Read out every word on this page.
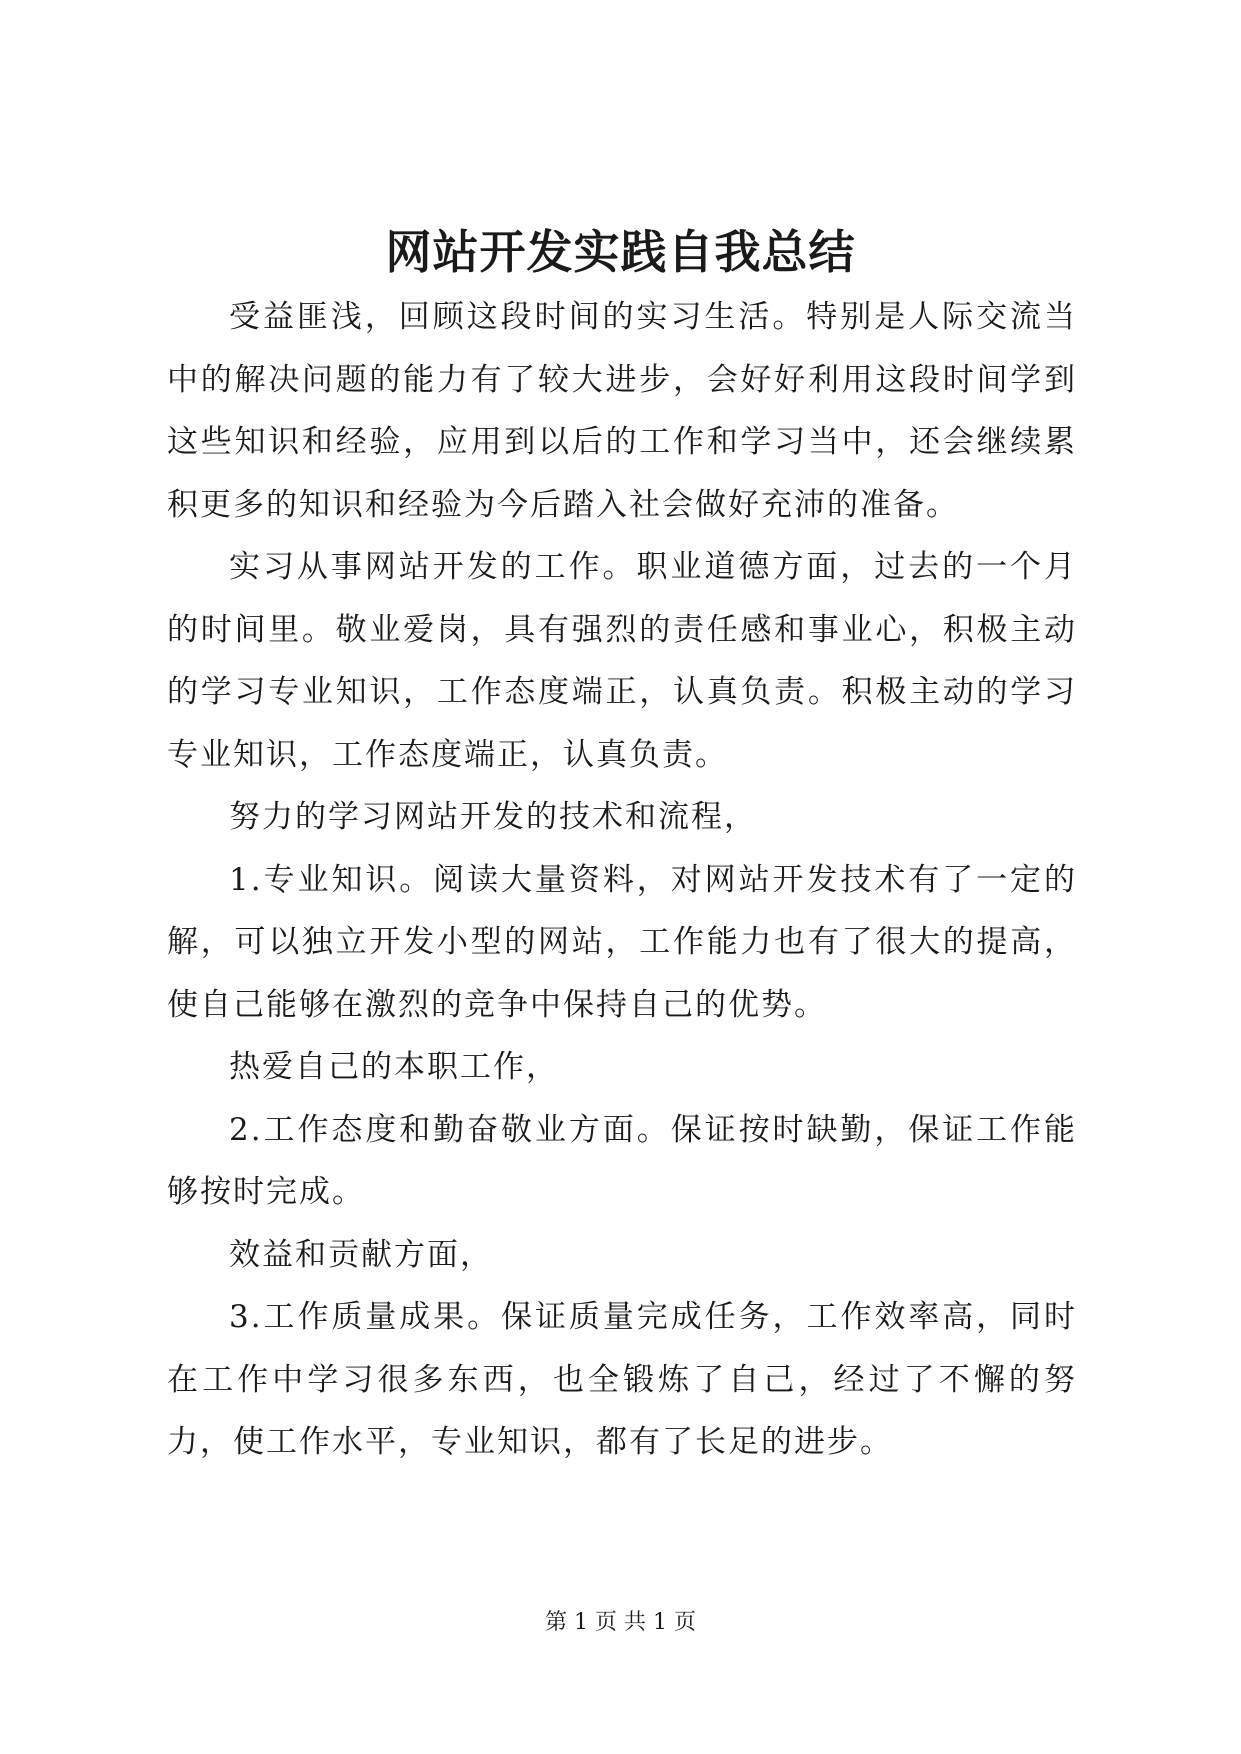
网站开发实践自我总结

受益匪浅，回顾这段时间的实习生活。特别是人际交流当中的解决问题的能力有了较大进步，会好好利用这段时间学到这些知识和经验，应用到以后的工作和学习当中，还会继续累积更多的知识和经验为今后踏入社会做好充沛的准备。

实习从事网站开发的工作。职业道德方面，过去的一个月的时间里。敬业爱岗，具有强烈的责任感和事业心，积极主动的学习专业知识，工作态度端正，认真负责。积极主动的学习专业知识，工作态度端正，认真负责。

努力的学习网站开发的技术和流程，

1.专业知识。阅读大量资料，对网站开发技术有了一定的解，可以独立开发小型的网站，工作能力也有了很大的提高，使自己能够在激烈的竞争中保持自己的优势。

热爱自己的本职工作，

2.工作态度和勤奋敬业方面。保证按时缺勤，保证工作能够按时完成。

效益和贡献方面，

3.工作质量成果。保证质量完成任务，工作效率高，同时在工作中学习很多东西，也全锻炼了自己，经过了不懈的努力，使工作水平，专业知识，都有了长足的进步。

第 1 页 共 1 页
